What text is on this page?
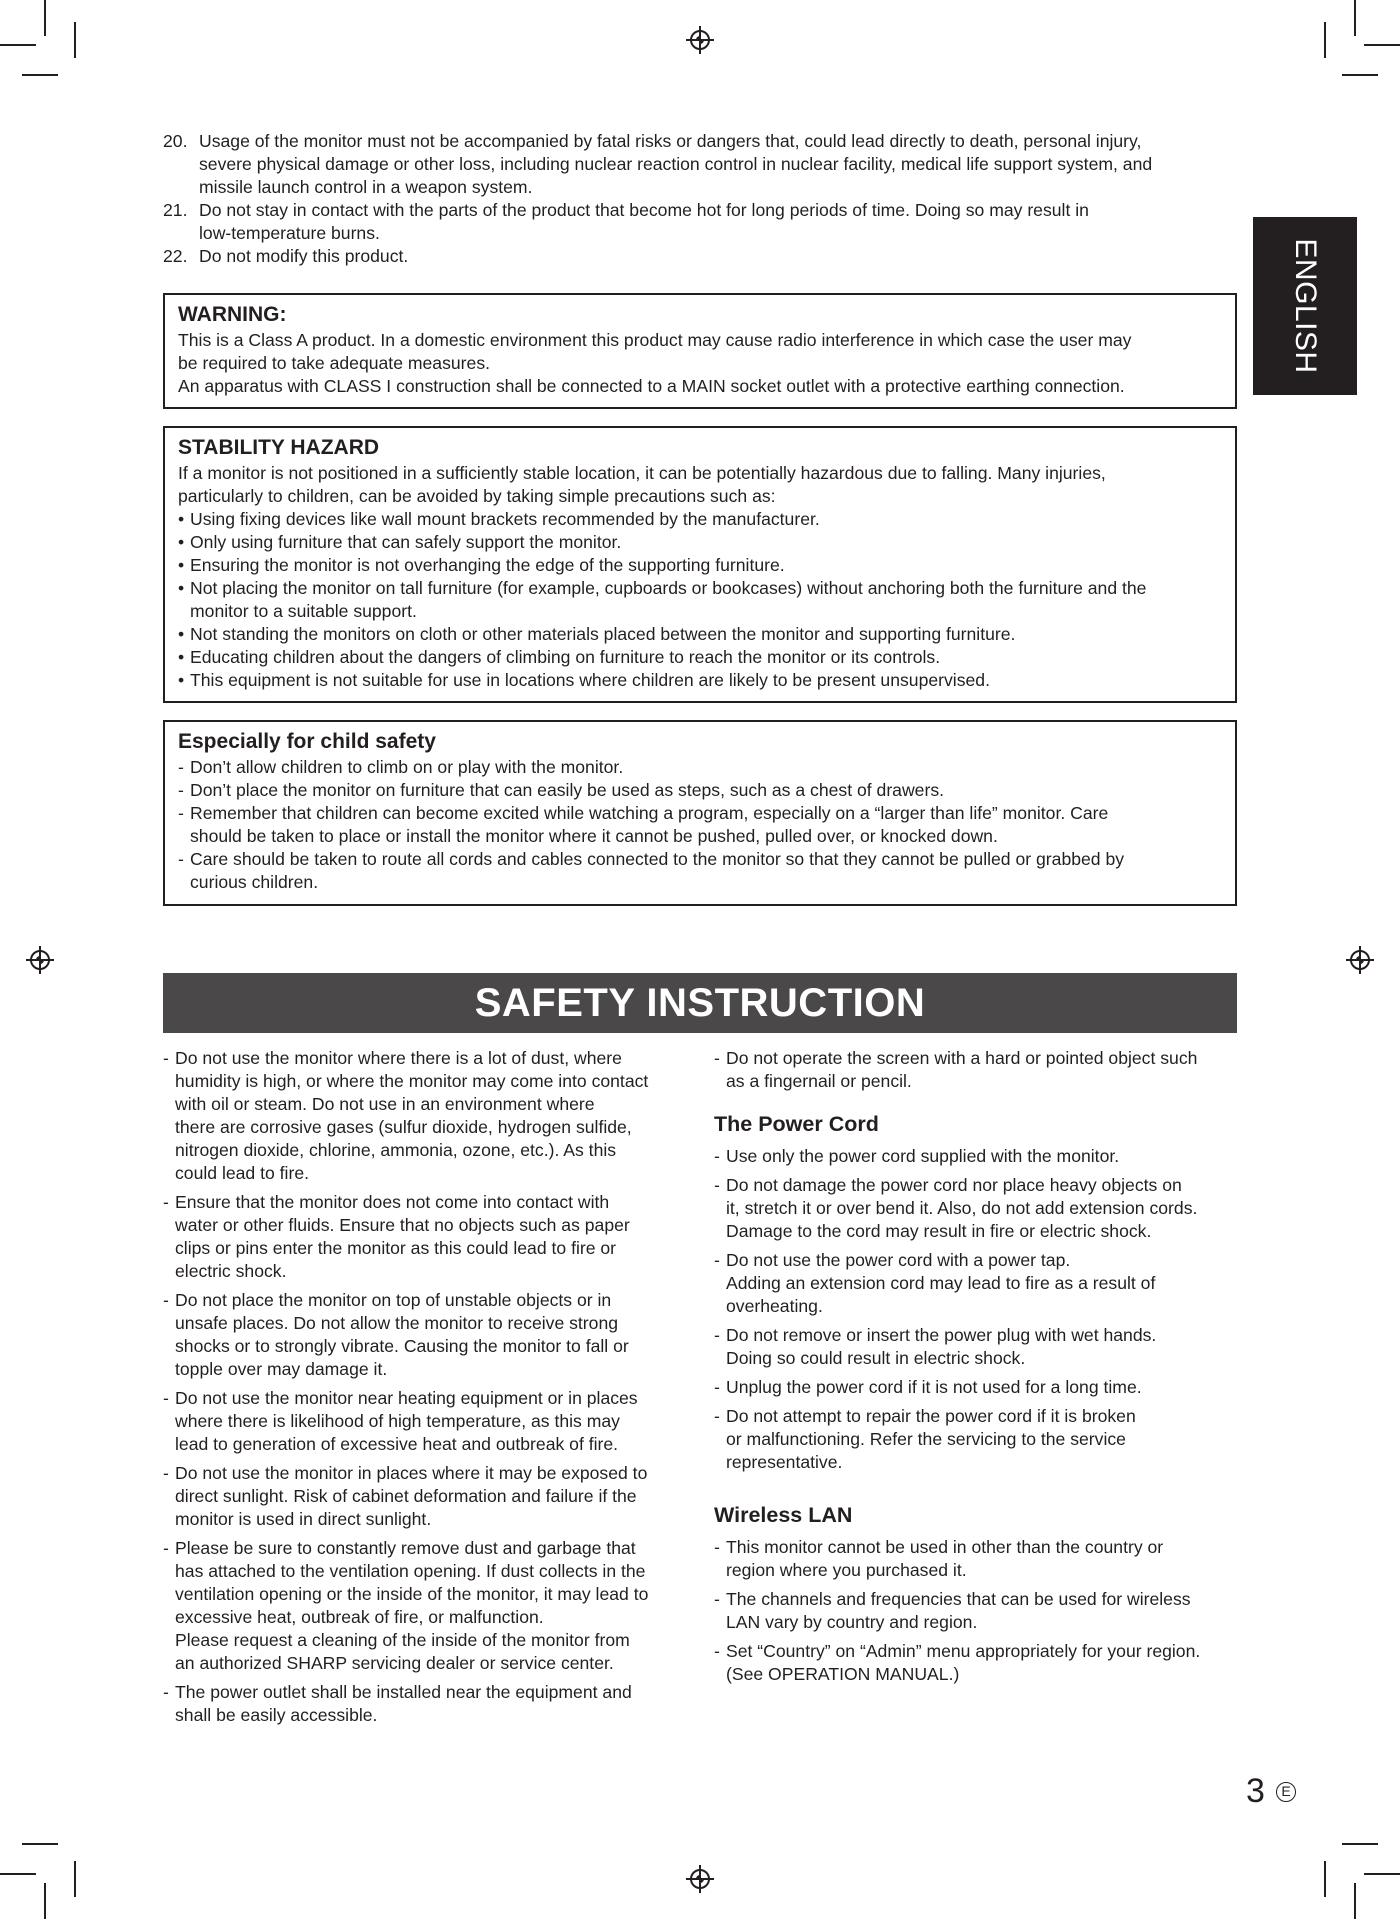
ENGLISH
20. Usage of the monitor must not be accompanied by fatal risks or dangers that, could lead directly to death, personal injury,
severe physical damage or other loss, including nuclear reaction control in nuclear facility, medical life support system, and
missile launch control in a weapon system.
21. Do not stay in contact with the parts of the product that become hot for long periods of time. Doing so may result in
low-temperature burns.
22. Do not modify this product.
WARNING:
This is a Class A product. In a domestic environment this product may cause radio interference in which case the user may
be required to take adequate measures.
An apparatus with CLASS I construction shall be connected to a MAIN socket outlet with a protective earthing connection.
STABILITY HAZARD
If a monitor is not positioned in a sufficiently stable location, it can be potentially hazardous due to falling. Many injuries,
particularly to children, can be avoided by taking simple precautions such as:
• Using fixing devices like wall mount brackets recommended by the manufacturer.
• Only using furniture that can safely support the monitor.
• Ensuring the monitor is not overhanging the edge of the supporting furniture.
• Not placing the monitor on tall furniture (for example, cupboards or bookcases) without anchoring both the furniture and the
monitor to a suitable support.
• Not standing the monitors on cloth or other materials placed between the monitor and supporting furniture.
• Educating children about the dangers of climbing on furniture to reach the monitor or its controls.
• This equipment is not suitable for use in locations where children are likely to be present unsupervised.
Especially for child safety
- Don’t allow children to climb on or play with the monitor.
- Don’t place the monitor on furniture that can easily be used as steps, such as a chest of drawers.
- Remember that children can become excited while watching a program, especially on a “larger than life” monitor. Care
should be taken to place or install the monitor where it cannot be pushed, pulled over, or knocked down.
- Care should be taken to route all cords and cables connected to the monitor so that they cannot be pulled or grabbed by
curious children.
SAFETY INSTRUCTION
- Do not use the monitor where there is a lot of dust, where
humidity is high, or where the monitor may come into contact
with oil or steam. Do not use in an environment where
there are corrosive gases (sulfur dioxide, hydrogen sulfide,
nitrogen dioxide, chlorine, ammonia, ozone, etc.). As this
could lead to fire.
- Ensure that the monitor does not come into contact with
water or other fluids. Ensure that no objects such as paper
clips or pins enter the monitor as this could lead to fire or
electric shock.
- Do not place the monitor on top of unstable objects or in
unsafe places. Do not allow the monitor to receive strong
shocks or to strongly vibrate. Causing the monitor to fall or
topple over may damage it.
- Do not use the monitor near heating equipment or in places
where there is likelihood of high temperature, as this may
lead to generation of excessive heat and outbreak of fire.
- Do not use the monitor in places where it may be exposed to
direct sunlight. Risk of cabinet deformation and failure if the
monitor is used in direct sunlight.
- Please be sure to constantly remove dust and garbage that
has attached to the ventilation opening. If dust collects in the
ventilation opening or the inside of the monitor, it may lead to
excessive heat, outbreak of fire, or malfunction.
Please request a cleaning of the inside of the monitor from
an authorized SHARP servicing dealer or service center.
- The power outlet shall be installed near the equipment and
shall be easily accessible.
- Do not operate the screen with a hard or pointed object such
as a fingernail or pencil.
The Power Cord
- Use only the power cord supplied with the monitor.
- Do not damage the power cord nor place heavy objects on
it, stretch it or over bend it. Also, do not add extension cords.
Damage to the cord may result in fire or electric shock.
- Do not use the power cord with a power tap.
Adding an extension cord may lead to fire as a result of
overheating.
- Do not remove or insert the power plug with wet hands.
Doing so could result in electric shock.
- Unplug the power cord if it is not used for a long time.
- Do not attempt to repair the power cord if it is broken
or malfunctioning. Refer the servicing to the service
representative.
Wireless LAN
- This monitor cannot be used in other than the country or
region where you purchased it.
- The channels and frequencies that can be used for wireless
LAN vary by country and region.
- Set “Country” on “Admin” menu appropriately for your region.
(See OPERATION MANUAL.)
3	E
